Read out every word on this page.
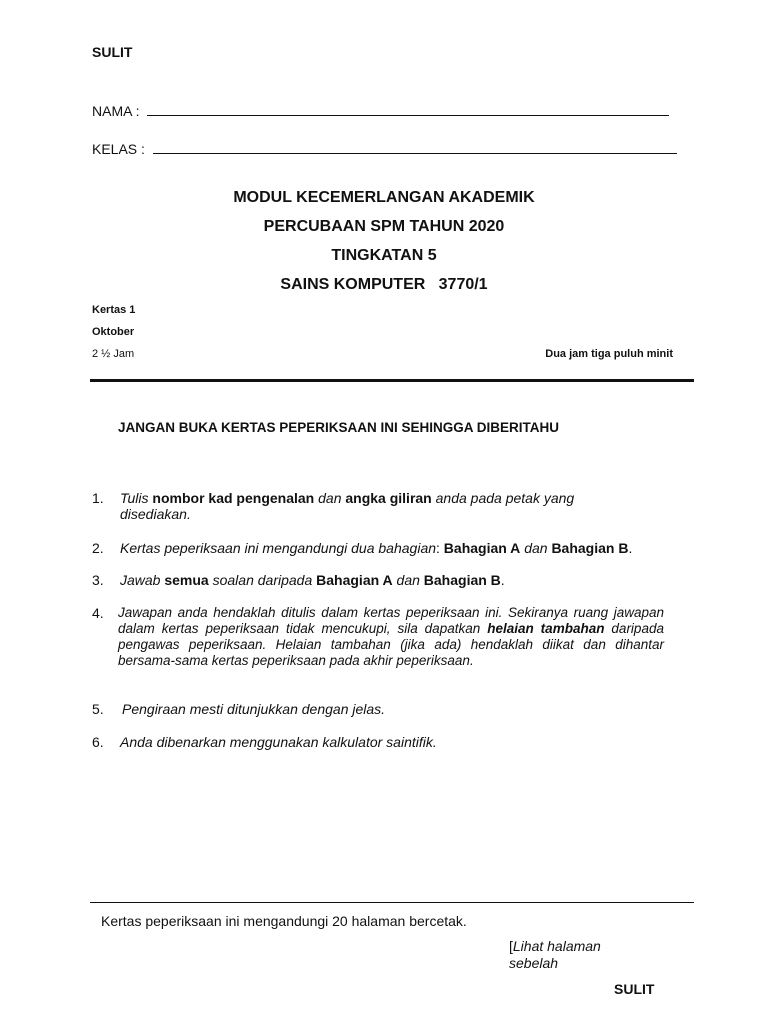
SULIT
NAMA :
KELAS :
MODUL KECEMERLANGAN AKADEMIK
PERCUBAAN SPM TAHUN 2020
TINGKATAN 5
SAINS KOMPUTER   3770/1
Kertas 1
Oktober
2 ½ Jam	Dua jam tiga puluh minit
JANGAN BUKA KERTAS PEPERIKSAAN INI SEHINGGA DIBERITAHU
1. Tulis nombor kad pengenalan dan angka giliran anda pada petak yang disediakan.
2. Kertas peperiksaan ini mengandungi dua bahagian: Bahagian A dan Bahagian B.
3. Jawab semua soalan daripada Bahagian A dan Bahagian B.
4. Jawapan anda hendaklah ditulis dalam kertas peperiksaan ini. Sekiranya ruang jawapan dalam kertas peperiksaan tidak mencukupi, sila dapatkan helaian tambahan daripada pengawas peperiksaan. Helaian tambahan (jika ada) hendaklah diikat dan dihantar bersama-sama kertas peperiksaan pada akhir peperiksaan.
5. Pengiraan mesti ditunjukkan dengan jelas.
6. Anda dibenarkan menggunakan kalkulator saintifik.
Kertas peperiksaan ini mengandungi 20 halaman bercetak.
[Lihat halaman
sebelah
SULIT
